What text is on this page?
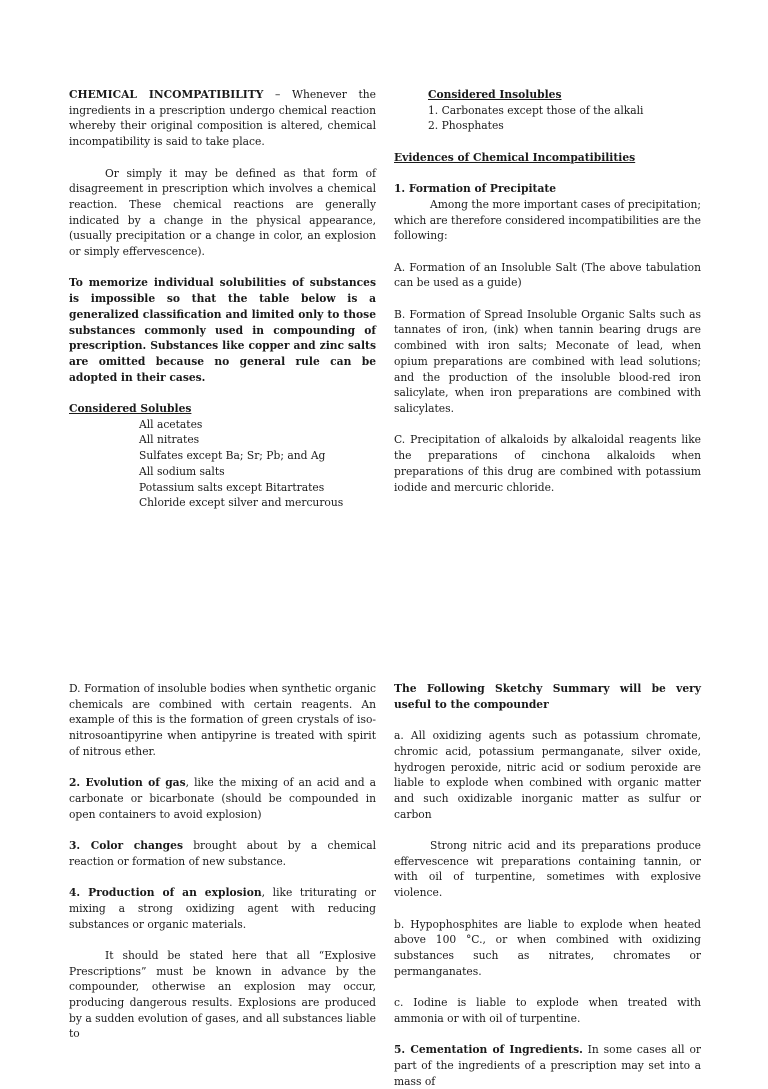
CHEMICAL INCOMPATIBILITY – Whenever the ingredients in a prescription undergo chemical reaction whereby their original composition is altered, chemical incompatibility is said to take place.

Or simply it may be defined as that form of disagreement in prescription which involves a chemical reaction. These chemical reactions are generally indicated by a change in the physical appearance, (usually precipitation or a change in color, an explosion or simply effervescence).

To memorize individual solubilities of substances is impossible so that the table below is a generalized classification and limited only to those substances commonly used in compounding of prescription. Substances like copper and zinc salts are omitted because no general rule can be adopted in their cases.

Considered Solubles

All acetates
All nitrates
Sulfates except Ba; Sr; Pb; and Ag
All sodium salts
Potassium salts except Bitartrates
Chloride except silver and mercurous

Considered Insolubles

1. Carbonates except those of the alkali
2. Phosphates

Evidences of Chemical Incompatibilities

1. Formation of Precipitate

Among the more important cases of precipitation; which are therefore considered incompatibilities are the following:

A. Formation of an Insoluble Salt (The above tabulation can be used as a guide)

B. Formation of Spread Insoluble Organic Salts such as tannates of iron, (ink) when tannin bearing drugs are combined with iron salts; Meconate of lead, when opium preparations are combined with lead solutions; and the production of the insoluble blood-red iron salicylate, when iron preparations are combined with salicylates.

C. Precipitation of alkaloids by alkaloidal reagents like the preparations of cinchona alkaloids when preparations of this drug are combined with potassium iodide and mercuric chloride.

D. Formation of insoluble bodies when synthetic organic chemicals are combined with certain reagents. An example of this is the formation of green crystals of iso-nitrosoantipyrine when antipyrine is treated with spirit of nitrous ether.

2. Evolution of gas, like the mixing of an acid and a carbonate or bicarbonate (should be compounded in open containers to avoid explosion)

3. Color changes brought about by a chemical reaction or formation of new substance.

4. Production of an explosion, like triturating or mixing a strong oxidizing agent with reducing substances or organic materials.

It should be stated here that all “Explosive Prescriptions” must be known in advance by the compounder, otherwise an explosion may occur, producing dangerous results. Explosions are produced by a sudden evolution of gases, and all substances liable to

The Following Sketchy Summary will be very useful to the compounder

a. All oxidizing agents such as potassium chromate, chromic acid, potassium permanganate, silver oxide, hydrogen peroxide, nitric acid or sodium peroxide are liable to explode when combined with organic matter and such oxidizable inorganic matter as sulfur or carbon

Strong nitric acid and its preparations produce effervescence wit preparations containing tannin, or with oil of turpentine, sometimes with explosive violence.

b. Hypophosphites are liable to explode when heated above 100 °C., or when combined with oxidizing substances such as nitrates, chromates or permanganates.

c. Iodine is liable to explode when treated with ammonia or with oil of turpentine.

5. Cementation of Ingredients. In some cases all or part of the ingredients of a prescription may set into a mass of
